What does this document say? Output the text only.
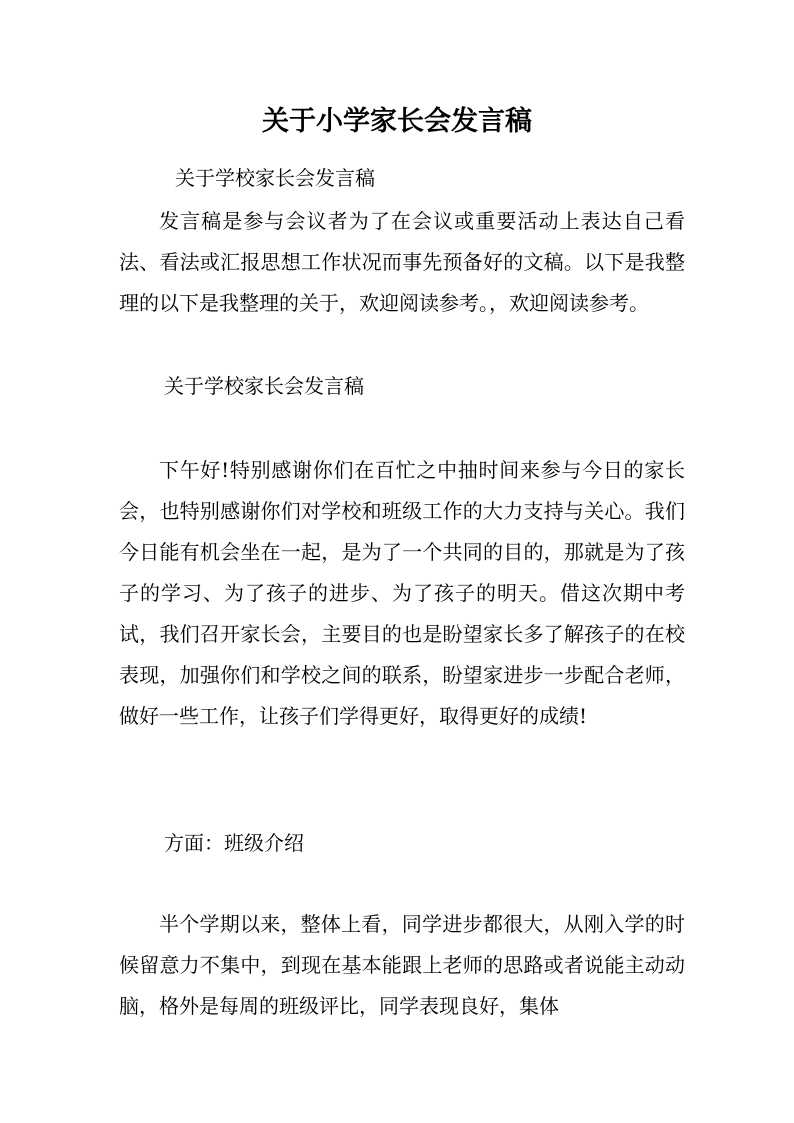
关于小学家长会发言稿

关于学校家长会发言稿

发言稿是参与会议者为了在会议或重要活动上表达自己看法、看法或汇报思想工作状况而事先预备好的文稿。以下是我整理的以下是我整理的关于，欢迎阅读参考。，欢迎阅读参考。

关于学校家长会发言稿

下午好!特别感谢你们在百忙之中抽时间来参与今日的家长会，也特别感谢你们对学校和班级工作的大力支持与关心。我们今日能有机会坐在一起，是为了一个共同的目的，那就是为了孩子的学习、为了孩子的进步、为了孩子的明天。借这次期中考试，我们召开家长会，主要目的也是盼望家长多了解孩子的在校表现，加强你们和学校之间的联系，盼望家进步一步配合老师，做好一些工作，让孩子们学得更好，取得更好的成绩!

方面：班级介绍

半个学期以来，整体上看，同学进步都很大，从刚入学的时候留意力不集中，到现在基本能跟上老师的思路或者说能主动动脑，格外是每周的班级评比，同学表现良好，集体
